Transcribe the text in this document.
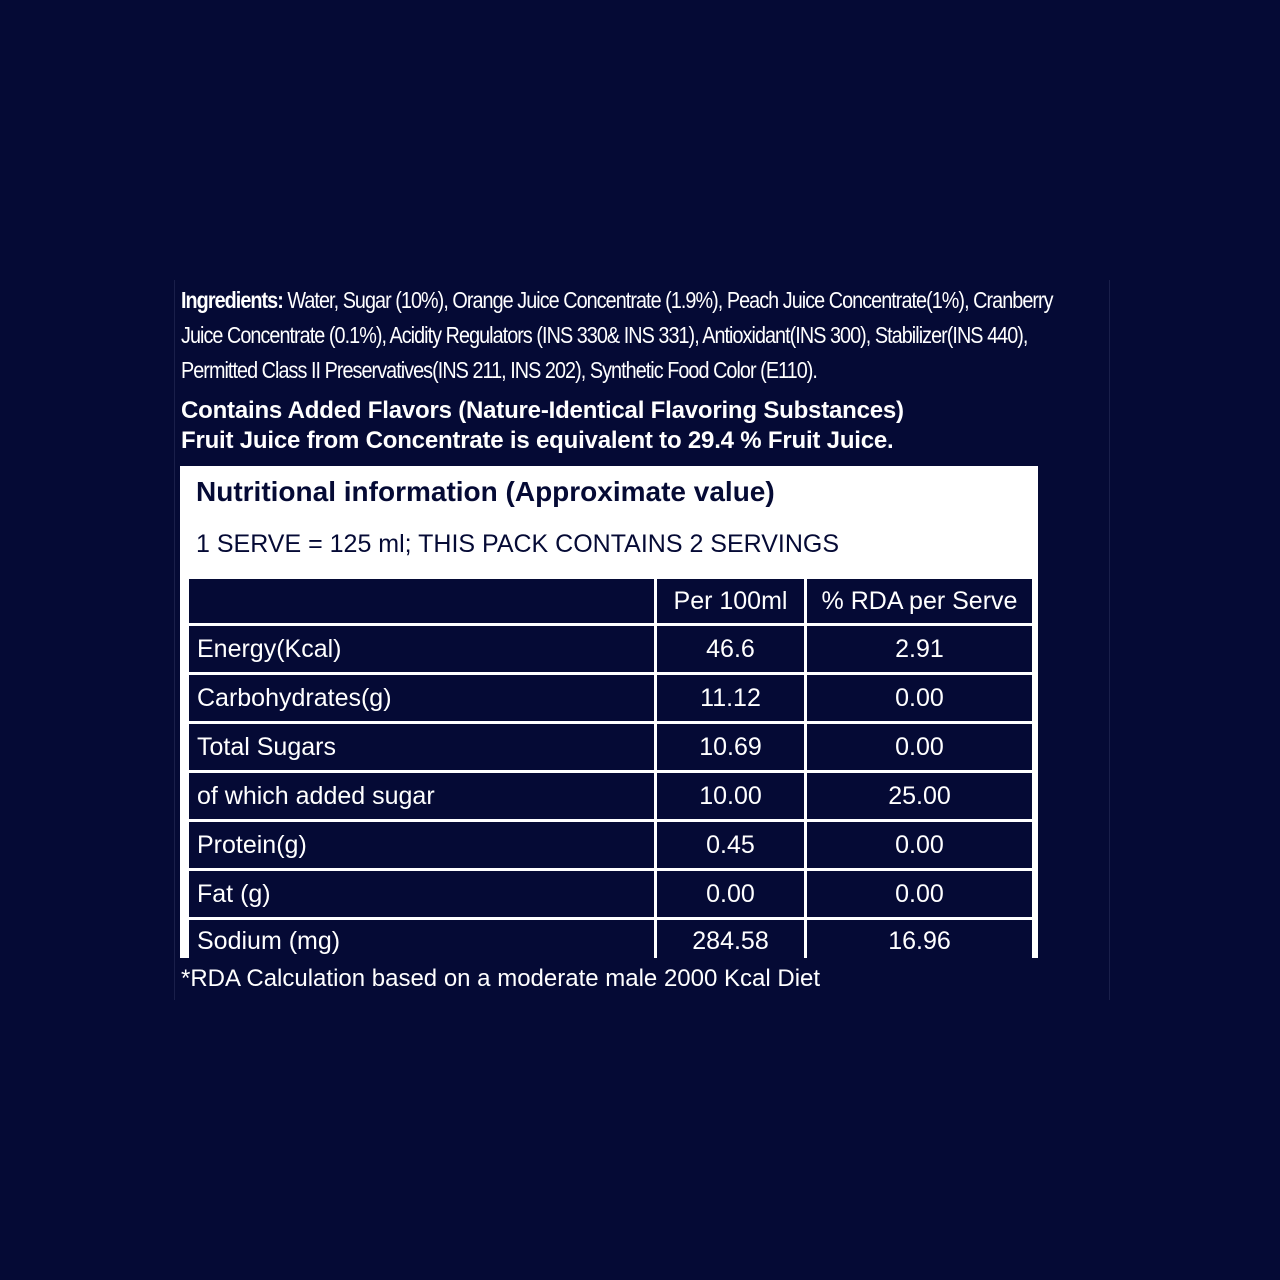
Ingredients: Water, Sugar (10%), Orange Juice Concentrate (1.9%), Peach Juice Concentrate(1%), Cranberry
Juice Concentrate (0.1%), Acidity Regulators (INS 330& INS 331), Antioxidant(INS 300), Stabilizer(INS 440),
Permitted Class II Preservatives(INS 211, INS 202), Synthetic Food Color (E110).
Contains Added Flavors (Nature-Identical Flavoring Substances)
Fruit Juice from Concentrate is equivalent to 29.4 % Fruit Juice.
Nutritional information (Approximate value)
1 SERVE = 125 ml; THIS PACK CONTAINS 2 SERVINGS
	Per 100ml	% RDA per Serve
Energy(Kcal)	46.6	2.91
Carbohydrates(g)	11.12	0.00
Total Sugars	10.69	0.00
of which added sugar	10.00	25.00
Protein(g)	0.45	0.00
Fat (g)	0.00	0.00
Sodium (mg)	284.58	16.96
*RDA Calculation based on a moderate male 2000 Kcal Diet
